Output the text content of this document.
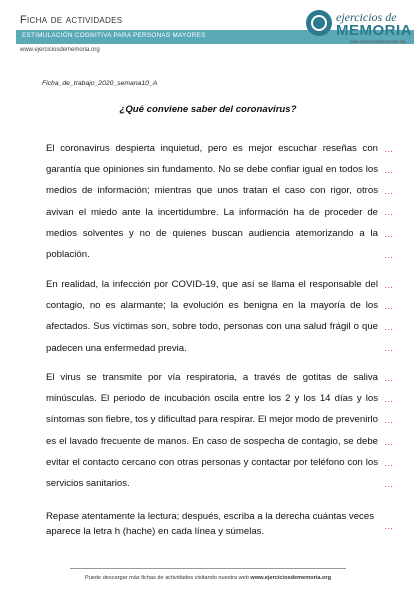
Ficha de actividades
ESTIMULACIÓN COGNITIVA PARA PERSONAS MAYORES
www.ejerciciosdememoria.org
ejercicios de
MEMORIA
www.ejerciciosdememoria.org
Ficha_de_trabajo_2020_semana10_A
¿Qué conviene saber del coronavirus?
El coronavirus despierta inquietud, pero es mejor escuchar reseñas con garantía que opiniones sin fundamento. No se debe confiar igual en todos los medios de información; mientras que unos tratan el caso con rigor, otros avivan el miedo ante la incertidumbre. La información ha de proceder de medios solventes y no de quienes buscan audiencia atemorizando a la población.
En realidad, la infección por COVID-19, que así se llama el responsable del contagio, no es alarmante; la evolución es benigna en la mayoría de los afectados. Sus víctimas son, sobre todo, personas con una salud frágil o que padecen una enfermedad previa.
El virus se transmite por vía respiratoria, a través de gotitas de saliva minúsculas. El periodo de incubación oscila entre los 2 y los 14 días y los síntomas son fiebre, tos y dificultad para respirar. El mejor modo de prevenirlo es el lavado frecuente de manos. En caso de sospecha de contagio, se debe evitar el contacto cercano con otras personas y contactar por teléfono con los servicios sanitarios.
Repase atentamente la lectura; después, escriba a la derecha cuántas veces aparece la letra h (hache) en cada línea y súmelas.
…
…
…
…
…
…
…
…
…
…
…
…
…
…
…
…
…
Puede descargar más fichas de actividades visitando nuestra web www.ejerciciosdememoria.org
